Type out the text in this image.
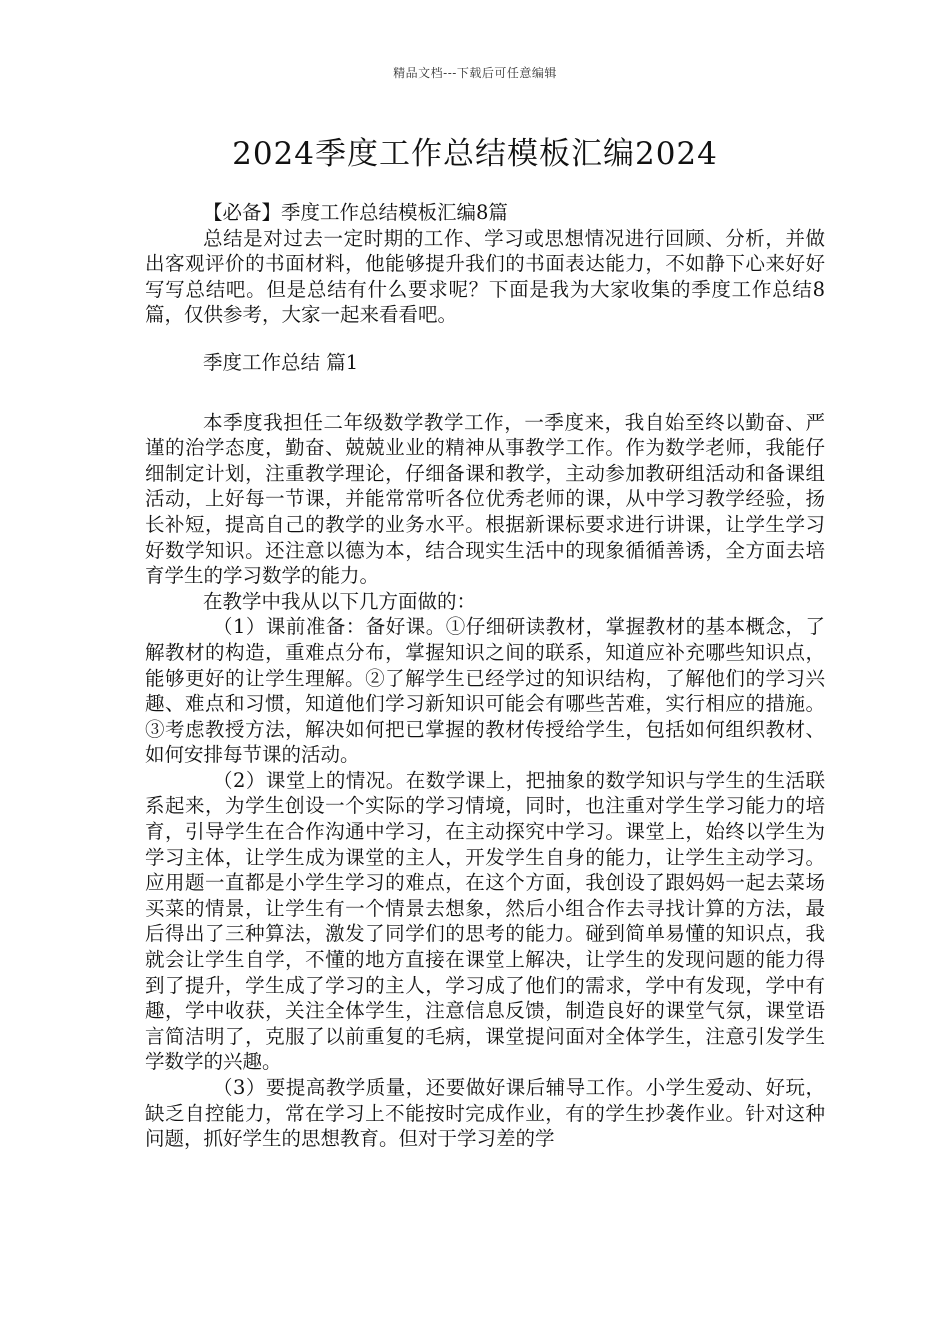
精品文档---下载后可任意编辑
2024季度工作总结模板汇编2024

【必备】季度工作总结模板汇编8篇

总结是对过去一定时期的工作、学习或思想情况进行回顾、分析，并做出客观评价的书面材料，他能够提升我们的书面表达能力，不如静下心来好好写写总结吧。但是总结有什么要求呢？下面是我为大家收集的季度工作总结8篇，仅供参考，大家一起来看看吧。

季度工作总结 篇1

本季度我担任二年级数学教学工作，一季度来，我自始至终以勤奋、严谨的治学态度，勤奋、兢兢业业的精神从事教学工作。作为数学老师，我能仔细制定计划，注重教学理论，仔细备课和教学，主动参加教研组活动和备课组活动，上好每一节课，并能常常听各位优秀老师的课，从中学习教学经验，扬长补短，提高自己的教学的业务水平。根据新课标要求进行讲课，让学生学习好数学知识。还注意以德为本，结合现实生活中的现象循循善诱，全方面去培育学生的学习数学的能力。

在教学中我从以下几方面做的：

（1）课前准备：备好课。①仔细研读教材，掌握教材的基本概念，了解教材的构造，重难点分布，掌握知识之间的联系，知道应补充哪些知识点，能够更好的让学生理解。②了解学生已经学过的知识结构，了解他们的学习兴趣、难点和习惯，知道他们学习新知识可能会有哪些苦难，实行相应的措施。③考虑教授方法，解决如何把已掌握的教材传授给学生，包括如何组织教材、如何安排每节课的活动。

（2）课堂上的情况。在数学课上，把抽象的数学知识与学生的生活联系起来，为学生创设一个实际的学习情境，同时，也注重对学生学习能力的培育，引导学生在合作沟通中学习，在主动探究中学习。课堂上，始终以学生为学习主体，让学生成为课堂的主人，开发学生自身的能力，让学生主动学习。应用题一直都是小学生学习的难点，在这个方面，我创设了跟妈妈一起去菜场买菜的情景，让学生有一个情景去想象，然后小组合作去寻找计算的方法，最后得出了三种算法，激发了同学们的思考的能力。碰到简单易懂的知识点，我就会让学生自学，不懂的地方直接在课堂上解决，让学生的发现问题的能力得到了提升，学生成了学习的主人，学习成了他们的需求，学中有发现，学中有趣，学中收获，关注全体学生，注意信息反馈，制造良好的课堂气氛，课堂语言简洁明了，克服了以前重复的毛病，课堂提问面对全体学生，注意引发学生学数学的兴趣。

（3）要提高教学质量，还要做好课后辅导工作。小学生爱动、好玩，缺乏自控能力，常在学习上不能按时完成作业，有的学生抄袭作业。针对这种问题，抓好学生的思想教育。但对于学习差的学
